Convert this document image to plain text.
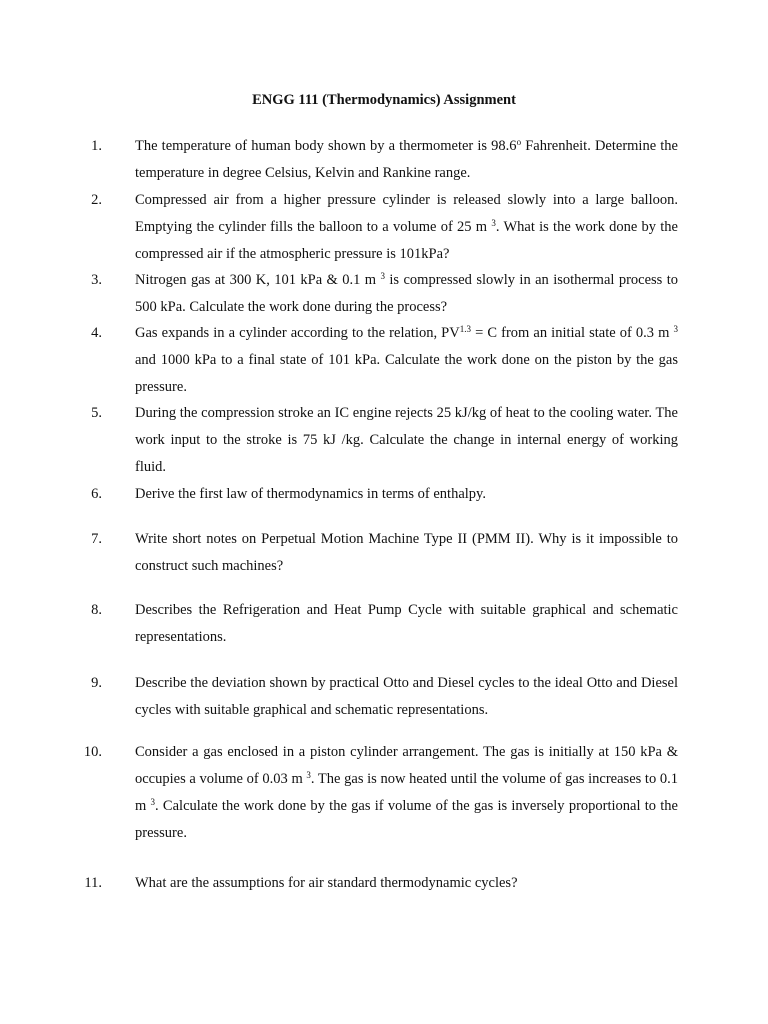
ENGG 111 (Thermodynamics) Assignment
1.	The temperature of human body shown by a thermometer is 98.6$^o$ Fahrenheit. Determine the temperature in degree Celsius, Kelvin and Rankine range.
2.	Compressed air from a higher pressure cylinder is released slowly into a large balloon. Emptying the cylinder fills the balloon to a volume of 25 m $^3$. What is the work done by the compressed air if the atmospheric pressure is 101kPa?
3.	Nitrogen gas at 300 K, 101 kPa & 0.1 m $^3$ is compressed slowly in an isothermal process to 500 kPa. Calculate the work done during the process?
4.	Gas expands in a cylinder according to the relation, $PV^{1.3} = C$ from an initial state of 0.3 m $^3$ and 1000 kPa to a final state of 101 kPa. Calculate the work done on the piston by the gas pressure.
5.	During the compression stroke an IC engine rejects 25 kJ/kg of heat to the cooling water. The work input to the stroke is 75 kJ /kg. Calculate the change in internal energy of working fluid.
6.	Derive the first law of thermodynamics in terms of enthalpy.
7.	Write short notes on Perpetual Motion Machine Type II (PMM II). Why is it impossible to construct such machines?
8.	Describes the Refrigeration and Heat Pump Cycle with suitable graphical and schematic representations.
9.	Describe the deviation shown by practical Otto and Diesel cycles to the ideal Otto and Diesel cycles with suitable graphical and schematic representations.
10.	Consider a gas enclosed in a piston cylinder arrangement. The gas is initially at 150 kPa & occupies a volume of 0.03 m $^3$. The gas is now heated until the volume of gas increases to 0.1 m $^3$. Calculate the work done by the gas if volume of the gas is inversely proportional to the pressure.
11.	What are the assumptions for air standard thermodynamic cycles?
